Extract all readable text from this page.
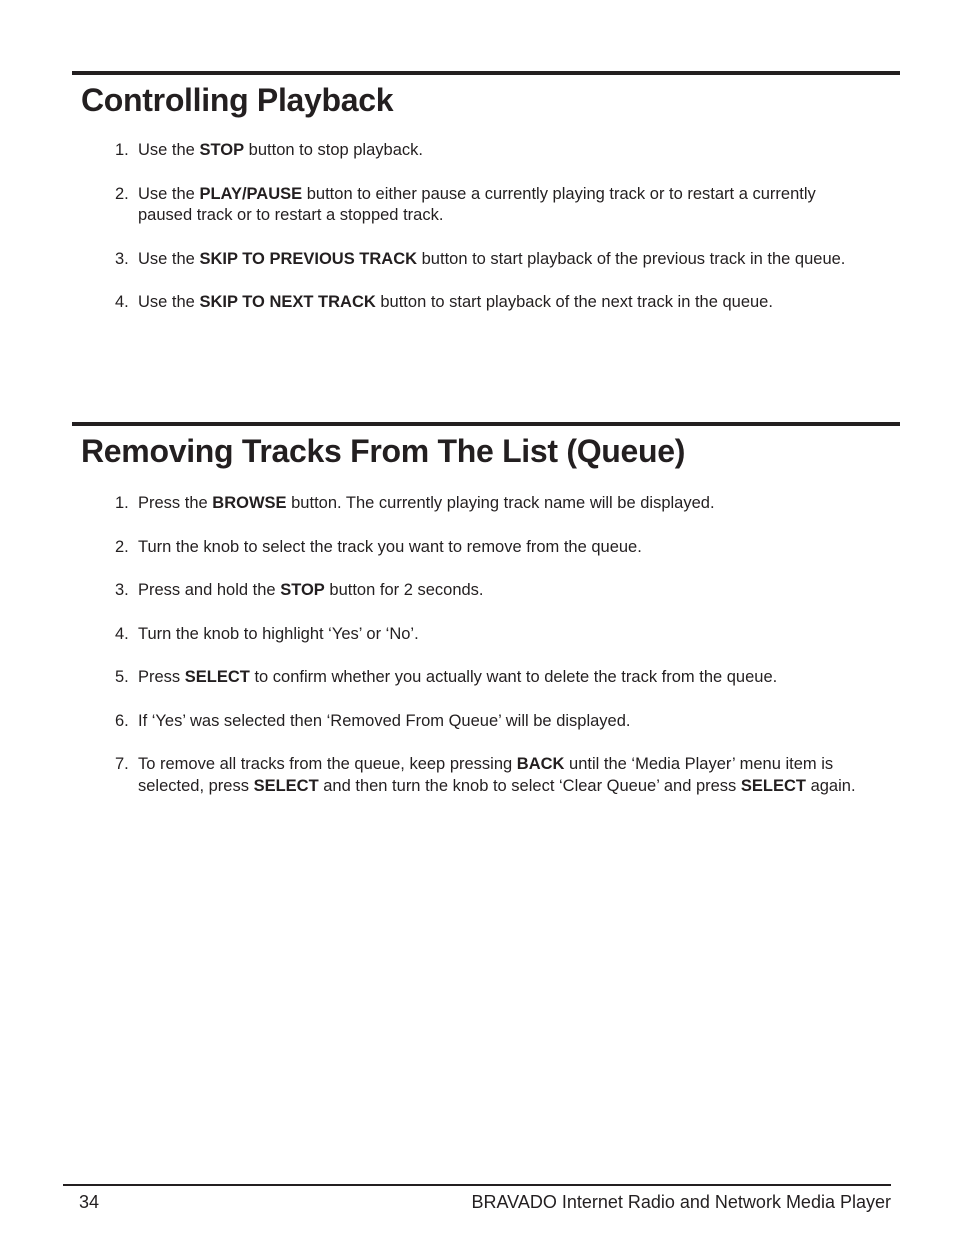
Controlling Playback
1. Use the STOP button to stop playback.
2. Use the PLAY/PAUSE button to either pause a currently playing track or to restart a currently paused track or to restart a stopped track.
3. Use the SKIP TO PREVIOUS TRACK button to start playback of the previous track in the queue.
4. Use the SKIP TO NEXT TRACK button to start playback of the next track in the queue.
Removing Tracks From The List (Queue)
1. Press the BROWSE button. The currently playing track name will be displayed.
2. Turn the knob to select the track you want to remove from the queue.
3. Press and hold the STOP button for 2 seconds.
4. Turn the knob to highlight ‘Yes’ or ‘No’.
5. Press SELECT to confirm whether you actually want to delete the track from the queue.
6. If ‘Yes’ was selected then ‘Removed From Queue’ will be displayed.
7. To remove all tracks from the queue, keep pressing BACK until the ‘Media Player’ menu item is selected, press SELECT and then turn the knob to select ‘Clear Queue’ and press SELECT again.
34	BRAVADO Internet Radio and Network Media Player
